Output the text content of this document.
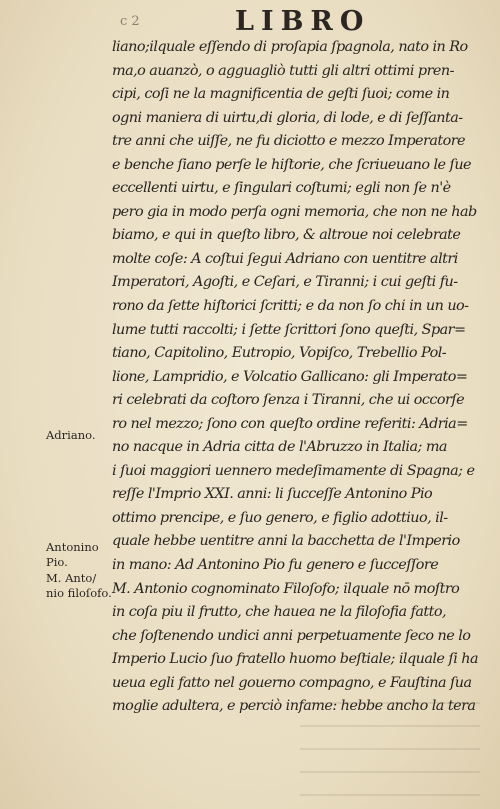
c 2	LIBRO
liano;ilquale eſſendo di proſapia ſpagnola, nato in Ro
ma,o auanzò, o agguagliò tutti gli altri ottimi pren-
cipi, coſi ne la magnificentia de geſti ſuoi; come in
ogni maniera di uirtu,di gloria, di lode, e di ſeſſanta-
tre anni che uiſſe, ne fu diciotto e mezzo Imperatore
e benche ſiano perſe le hiſtorie, che ſcriueuano le ſue
eccellenti uirtu, e ſingulari coſtumi; egli non ſe n'è
pero gia in modo perſa ogni memoria, che non ne hab
biamo, e qui in queſto libro, & altroue noi celebrate
molte coſe: A coſtui ſegui Adriano con uentitre altri
Imperatori, Agoſti, e Ceſari, e Tiranni; i cui geſti fu-
rono da ſette hiſtorici ſcritti; e da non ſo chi in un uo-
lume tutti raccolti; i ſette ſcrittori ſono queſti, Spar=
tiano, Capitolino, Eutropio, Vopiſco, Trebellio Pol-
lione, Lampridio, e Volcatio Gallicano: gli Imperato=
ri celebrati da coſtoro ſenza i Tiranni, che ui occorſe
ro nel mezzo; ſono con queſto ordine referiti: Adria=
no nacque in Adria citta de l'Abruzzo in Italia; ma
i ſuoi maggiori uennero medeſimamente di Spagna; e
reſſe l'Imprio XXI. anni: li ſucceſſe Antonino Pio
ottimo prencipe, e ſuo genero, e figlio adottiuo, il-
quale hebbe uentitre anni la bacchetta de l'Imperio
in mano: Ad Antonino Pio fu genero e ſucceſſore
M. Antonio cognominato Filoſofo; ilquale nō moſtro
in coſa piu il frutto, che haueа ne la filoſofia fatto,
che ſoſtenendo undici anni perpetuamente ſeco ne lo
Imperio Lucio ſuo fratello huomo beſtiale; ilquale ſi ha
ueua egli fatto nel gouerno compagno, e Fauſtina ſua
moglie adultera, e perciò infame: hebbe ancho la tera
Adriano.
Antonino
Pio.
M. Anto/
nio filoſofo.
